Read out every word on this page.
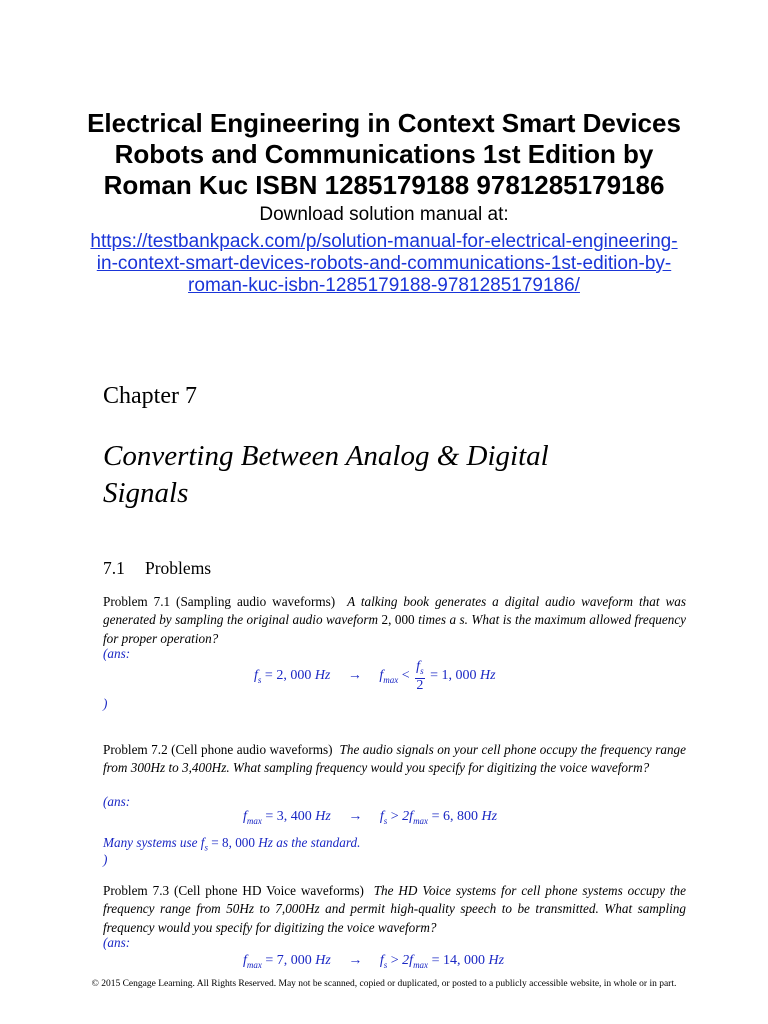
Electrical Engineering in Context Smart Devices
Robots and Communications 1st Edition by
Roman Kuc ISBN 1285179188 9781285179186
Download solution manual at:
https://testbankpack.com/p/solution-manual-for-electrical-engineering-
in-context-smart-devices-robots-and-communications-1st-edition-by-
roman-kuc-isbn-1285179188-9781285179186/
Chapter 7
Converting Between Analog & Digital
Signals
7.1 Problems
Problem 7.1 (Sampling audio waveforms) A talking book generates a digital audio waveform that was generated by sampling the original audio waveform 2, 000 times a s. What is the maximum allowed frequency for proper operation?
(ans:
$f_s = 2$, 000 $Hz \to f_{max} < \frac{f_s}{2} = 1$, 000 Hz
)
Problem 7.2 (Cell phone audio waveforms) The audio signals on your cell phone occupy the frequency range from 300Hz to 3,400Hz. What sampling frequency would you specify for digitizing the voice waveform?
(ans:
$f_{max} = 3$, 400 $Hz \to f_s > 2f_{max} = 6$, 800 Hz
Many systems use $f_s = 8$, 000 Hz as the standard.
)
Problem 7.3 (Cell phone HD Voice waveforms) The HD Voice systems for cell phone systems occupy the frequency range from 50Hz to 7,000Hz and permit high-quality speech to be transmitted. What sampling frequency would you specify for digitizing the voice waveform?
(ans:
$f_{max} = 7$, 000 $Hz \to f_s > 2f_{max} = 14$, 000 Hz
© 2015 Cengage Learning. All Rights Reserved. May not be scanned, copied or duplicated, or posted to a publicly accessible website, in whole or in part.
